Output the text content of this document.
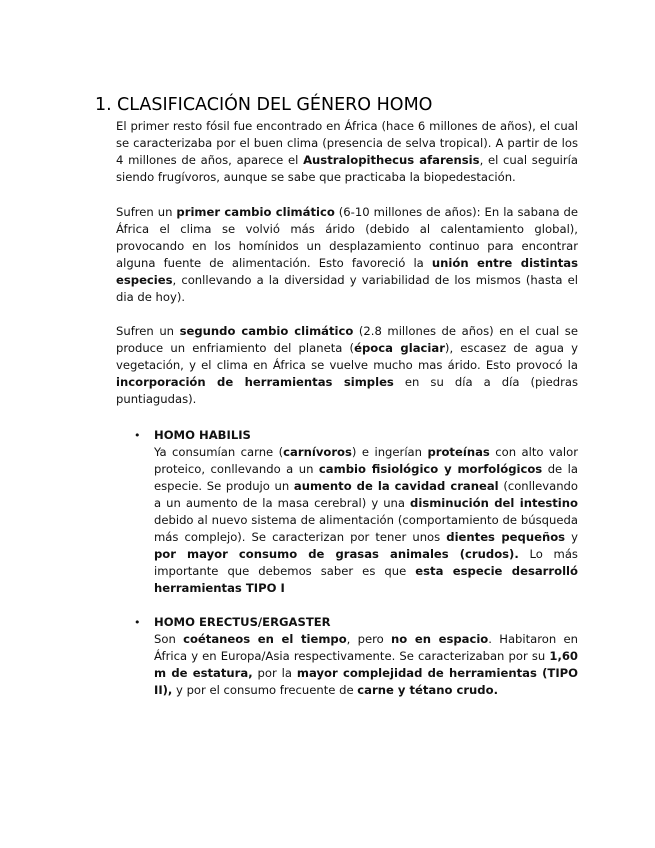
1. CLASIFICACIÓN DEL GÉNERO HOMO

El primer resto fósil fue encontrado en África (hace 6 millones de años), el cual se caracterizaba por el buen clima (presencia de selva tropical). A partir de los 4 millones de años, aparece el Australopithecus afarensis, el cual seguiría siendo frugívoros, aunque se sabe que practicaba la biopedestación.

Sufren un primer cambio climático (6-10 millones de años): En la sabana de África el clima se volvió más árido (debido al calentamiento global), provocando en los homínidos un desplazamiento continuo para encontrar alguna fuente de alimentación. Esto favoreció la unión entre distintas especies, conllevando a la diversidad y variabilidad de los mismos (hasta el dia de hoy).

Sufren un segundo cambio climático (2.8 millones de años) en el cual se produce un enfriamiento del planeta (época glaciar), escasez de agua y vegetación, y el clima en África se vuelve mucho mas árido. Esto provocó la incorporación de herramientas simples en su día a día (piedras puntiagudas).

• HOMO HABILIS
Ya consumían carne (carnívoros) e ingerían proteínas con alto valor proteico, conllevando a un cambio fisiológico y morfológicos de la especie. Se produjo un aumento de la cavidad craneal (conllevando a un aumento de la masa cerebral) y una disminución del intestino debido al nuevo sistema de alimentación (comportamiento de búsqueda más complejo). Se caracterizan por tener unos dientes pequeños y por mayor consumo de grasas animales (crudos). Lo más importante que debemos saber es que esta especie desarrolló herramientas TIPO I
• HOMO ERECTUS/ERGASTER
Son coétaneos en el tiempo, pero no en espacio. Habitaron en África y en Europa/Asia respectivamente. Se caracterizaban por su 1,60 m de estatura, por la mayor complejidad de herramientas (TIPO II), y por el consumo frecuente de carne y tétano crudo.
